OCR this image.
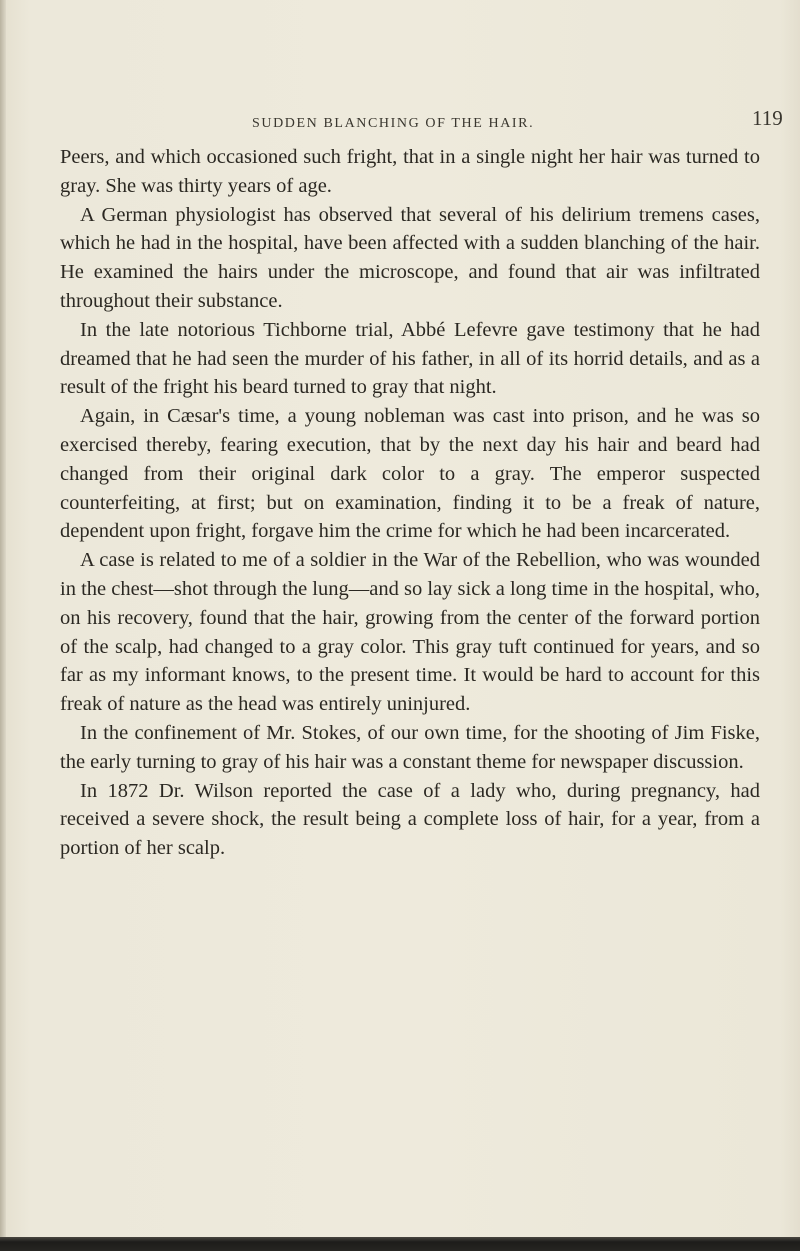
SUDDEN BLANCHING OF THE HAIR.	119

Peers, and which occasioned such fright, that in a single night her hair was turned to gray. She was thirty years of age.

A German physiologist has observed that several of his delirium tremens cases, which he had in the hospital, have been affected with a sudden blanching of the hair. He examined the hairs under the microscope, and found that air was infiltrated throughout their substance.

In the late notorious Tichborne trial, Abbé Lefevre gave testimony that he had dreamed that he had seen the murder of his father, in all of its horrid details, and as a result of the fright his beard turned to gray that night.

Again, in Cæsar's time, a young nobleman was cast into prison, and he was so exercised thereby, fearing execution, that by the next day his hair and beard had changed from their original dark color to a gray. The emperor suspected counterfeiting, at first; but on examination, finding it to be a freak of nature, dependent upon fright, forgave him the crime for which he had been incarcerated.

A case is related to me of a soldier in the War of the Rebellion, who was wounded in the chest—shot through the lung—and so lay sick a long time in the hospital, who, on his recovery, found that the hair, growing from the center of the forward portion of the scalp, had changed to a gray color. This gray tuft continued for years, and so far as my informant knows, to the present time. It would be hard to account for this freak of nature as the head was entirely uninjured.

In the confinement of Mr. Stokes, of our own time, for the shooting of Jim Fiske, the early turning to gray of his hair was a constant theme for newspaper discussion.

In 1872 Dr. Wilson reported the case of a lady who, during pregnancy, had received a severe shock, the result being a complete loss of hair, for a year, from a portion of her scalp.
